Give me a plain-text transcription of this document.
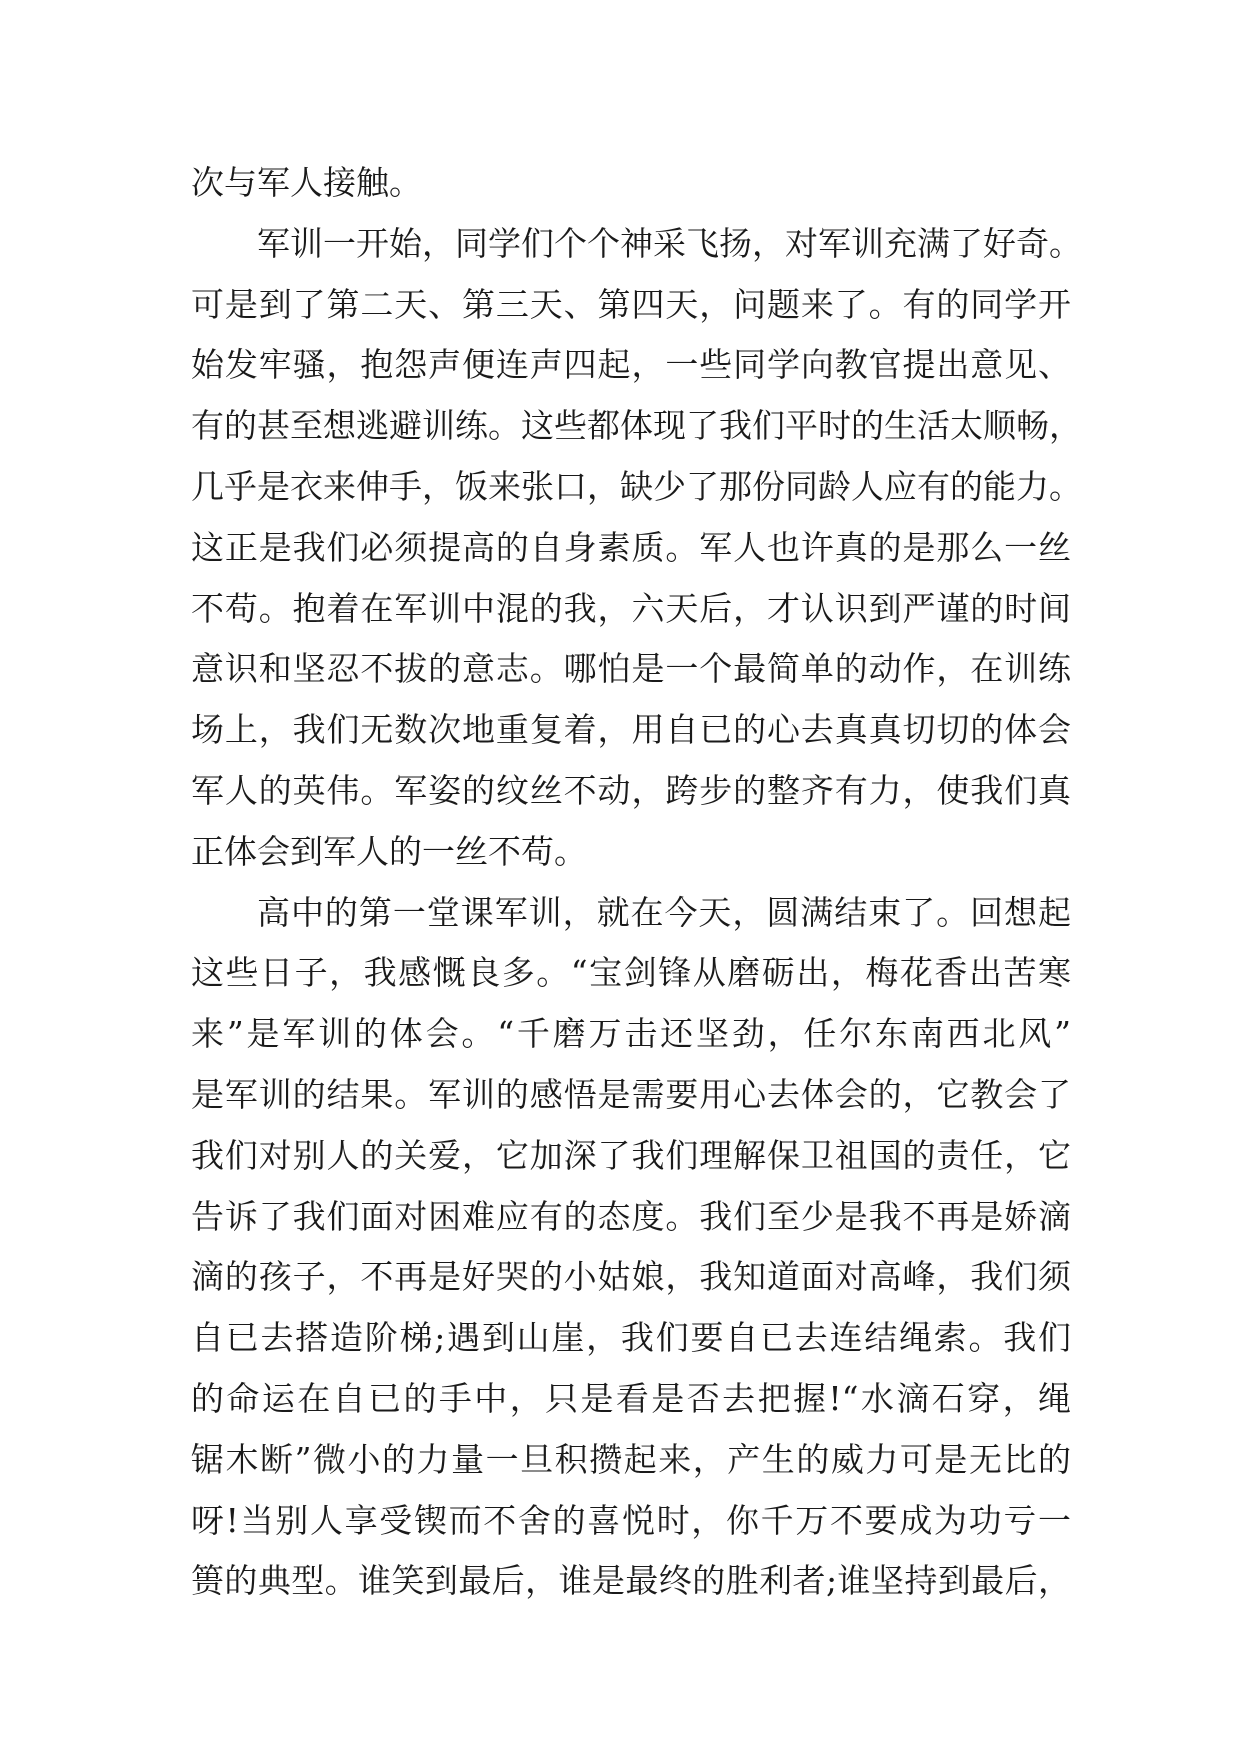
次与军人接触。
军训一开始，同学们个个神采飞扬，对军训充满了好奇。
可是到了第二天、第三天、第四天，问题来了。有的同学开
始发牢骚，抱怨声便连声四起，一些同学向教官提出意见、
有的甚至想逃避训练。这些都体现了我们平时的生活太顺畅，
几乎是衣来伸手，饭来张口，缺少了那份同龄人应有的能力。
这正是我们必须提高的自身素质。军人也许真的是那么一丝
不苟。抱着在军训中混的我，六天后，才认识到严谨的时间
意识和坚忍不拔的意志。哪怕是一个最简单的动作，在训练
场上，我们无数次地重复着，用自已的心去真真切切的体会
军人的英伟。军姿的纹丝不动，跨步的整齐有力，使我们真
正体会到军人的一丝不苟。
高中的第一堂课军训，就在今天，圆满结束了。回想起
这些日子，我感慨良多。“宝剑锋从磨砺出，梅花香出苦寒
来”是军训的体会。“千磨万击还坚劲，任尔东南西北风”
是军训的结果。军训的感悟是需要用心去体会的，它教会了
我们对别人的关爱，它加深了我们理解保卫祖国的责任，它
告诉了我们面对困难应有的态度。我们至少是我不再是娇滴
滴的孩子，不再是好哭的小姑娘，我知道面对高峰，我们须
自已去搭造阶梯;遇到山崖，我们要自已去连结绳索。我们
的命运在自已的手中，只是看是否去把握!“水滴石穿，绳
锯木断”微小的力量一旦积攒起来，产生的威力可是无比的
呀!当别人享受锲而不舍的喜悦时，你千万不要成为功亏一
篑的典型。谁笑到最后，谁是最终的胜利者;谁坚持到最后，
